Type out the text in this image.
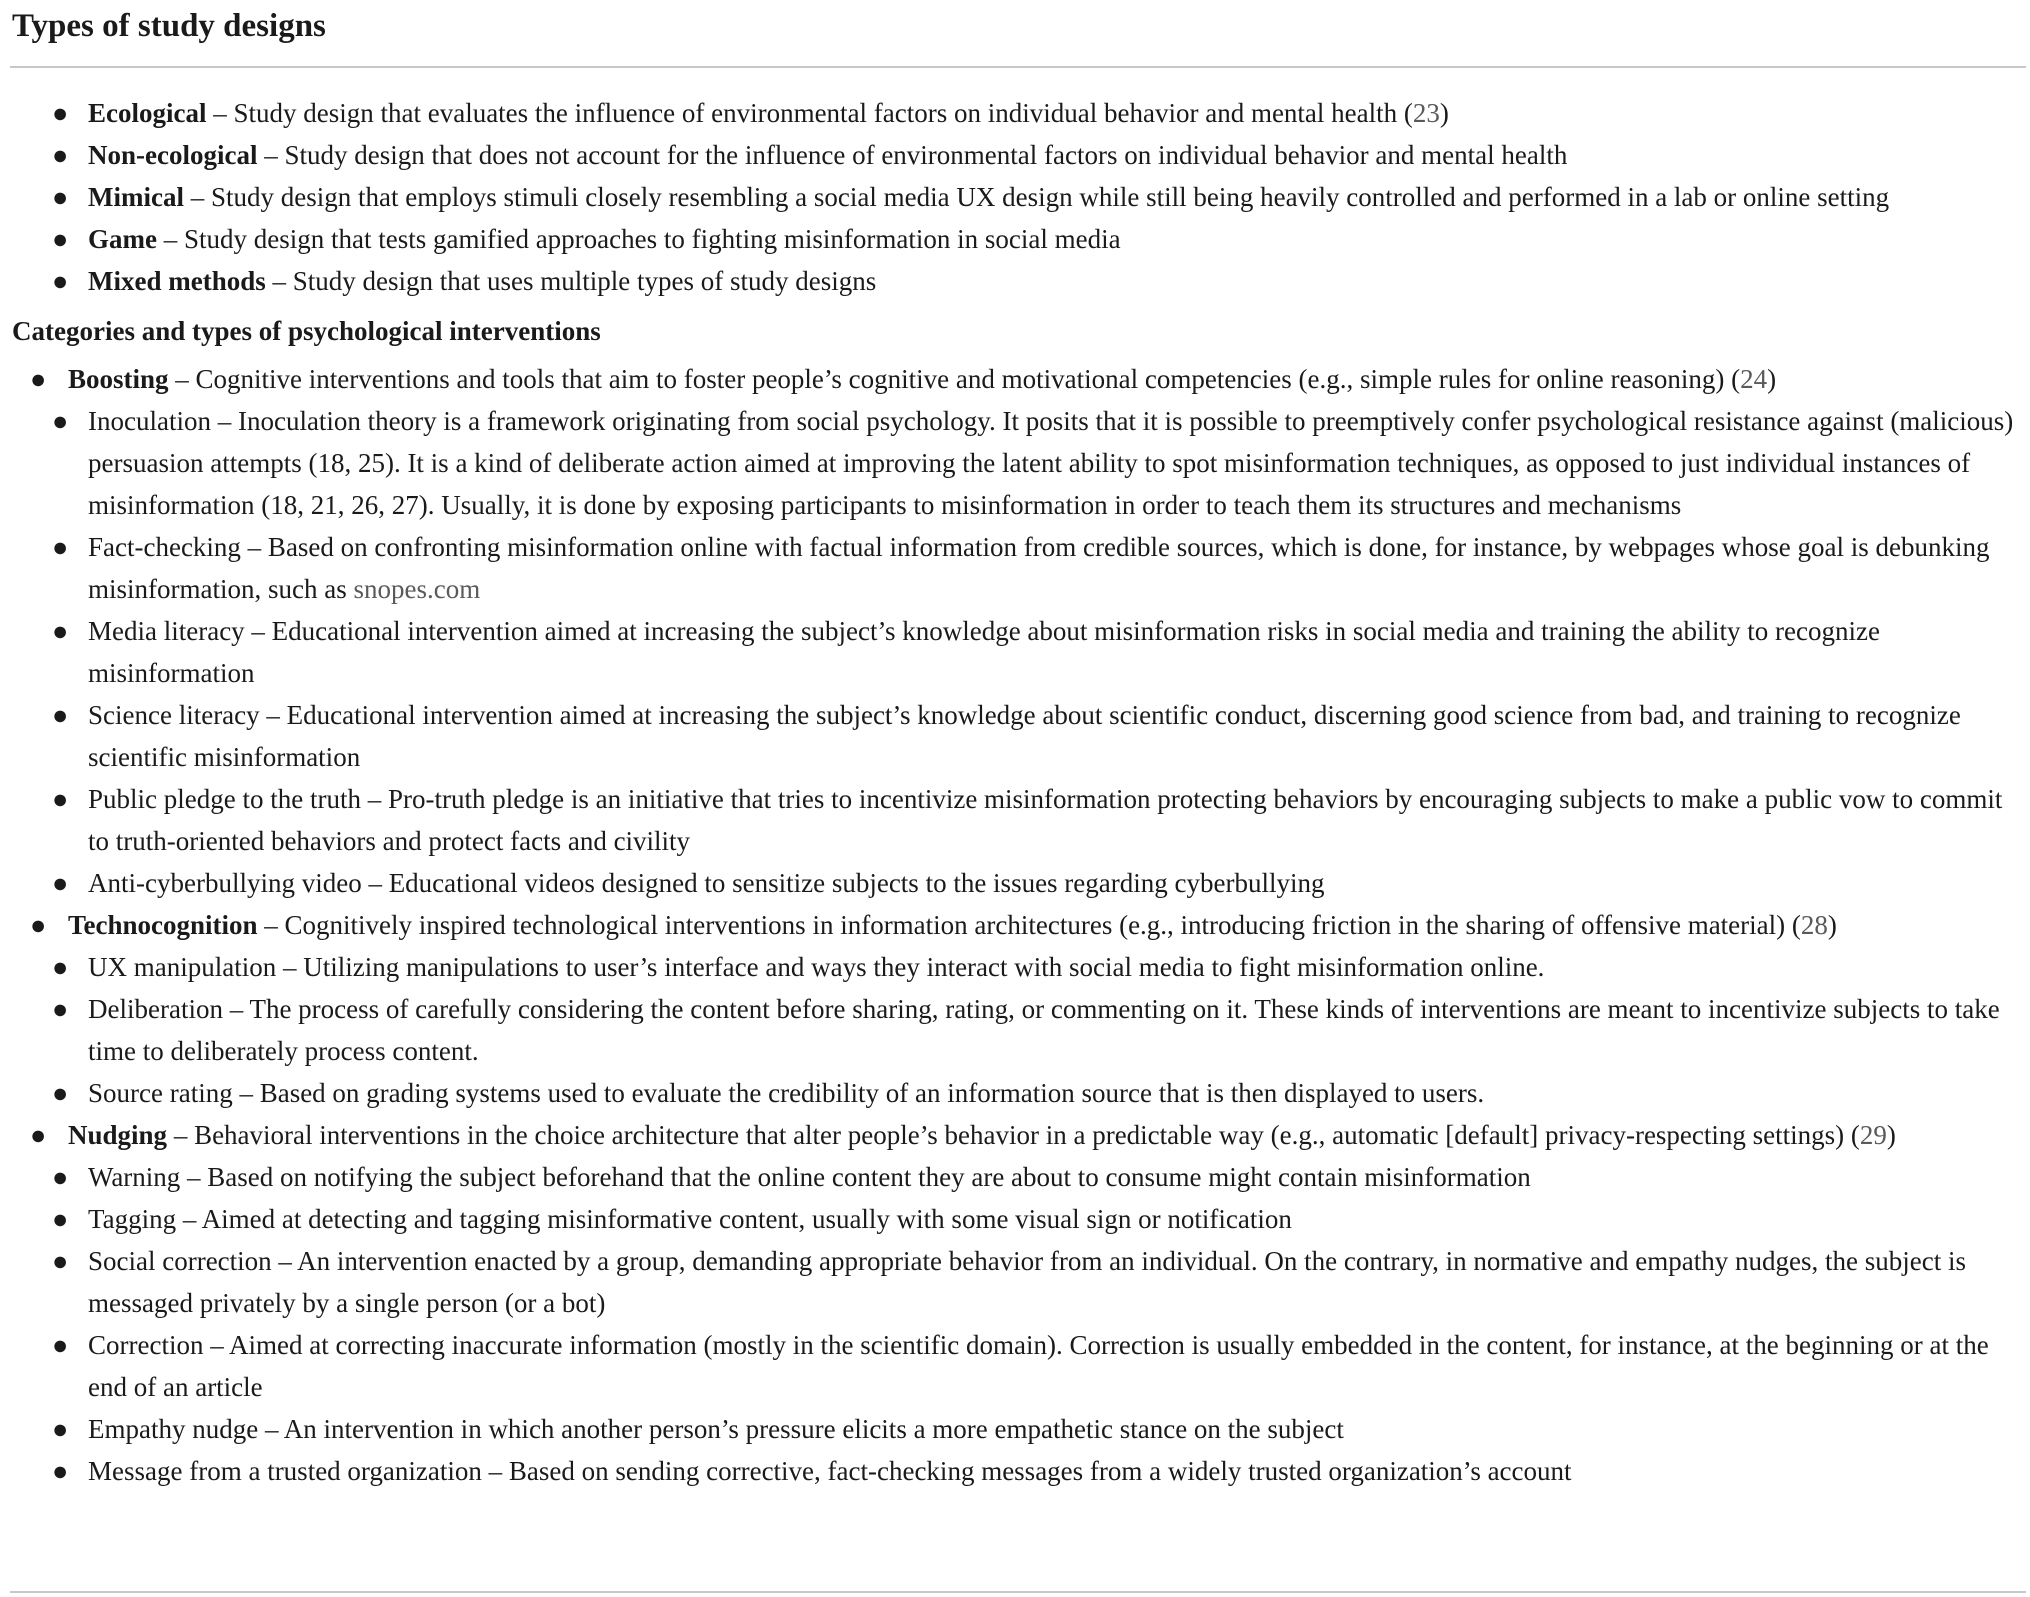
Types of study designs
● Ecological – Study design that evaluates the influence of environmental factors on individual behavior and mental health (23)
● Non-ecological – Study design that does not account for the influence of environmental factors on individual behavior and mental health
● Mimical – Study design that employs stimuli closely resembling a social media UX design while still being heavily controlled and performed in a lab or online setting
● Game – Study design that tests gamified approaches to fighting misinformation in social media
● Mixed methods – Study design that uses multiple types of study designs
Categories and types of psychological interventions
● Boosting – Cognitive interventions and tools that aim to foster people’s cognitive and motivational competencies (e.g., simple rules for online reasoning) (24)
● Inoculation – Inoculation theory is a framework originating from social psychology. It posits that it is possible to preemptively confer psychological resistance against (malicious) persuasion attempts (18, 25). It is a kind of deliberate action aimed at improving the latent ability to spot misinformation techniques, as opposed to just individual instances of misinformation (18, 21, 26, 27). Usually, it is done by exposing participants to misinformation in order to teach them its structures and mechanisms
● Fact-checking – Based on confronting misinformation online with factual information from credible sources, which is done, for instance, by webpages whose goal is debunking misinformation, such as snopes.com
● Media literacy – Educational intervention aimed at increasing the subject’s knowledge about misinformation risks in social media and training the ability to recognize misinformation
● Science literacy – Educational intervention aimed at increasing the subject’s knowledge about scientific conduct, discerning good science from bad, and training to recognize scientific misinformation
● Public pledge to the truth – Pro-truth pledge is an initiative that tries to incentivize misinformation protecting behaviors by encouraging subjects to make a public vow to commit to truth-oriented behaviors and protect facts and civility
● Anti-cyberbullying video – Educational videos designed to sensitize subjects to the issues regarding cyberbullying
● Technocognition – Cognitively inspired technological interventions in information architectures (e.g., introducing friction in the sharing of offensive material) (28)
● UX manipulation – Utilizing manipulations to user’s interface and ways they interact with social media to fight misinformation online.
● Deliberation – The process of carefully considering the content before sharing, rating, or commenting on it. These kinds of interventions are meant to incentivize subjects to take time to deliberately process content.
● Source rating – Based on grading systems used to evaluate the credibility of an information source that is then displayed to users.
● Nudging – Behavioral interventions in the choice architecture that alter people’s behavior in a predictable way (e.g., automatic [default] privacy-respecting settings) (29)
● Warning – Based on notifying the subject beforehand that the online content they are about to consume might contain misinformation
● Tagging – Aimed at detecting and tagging misinformative content, usually with some visual sign or notification
● Social correction – An intervention enacted by a group, demanding appropriate behavior from an individual. On the contrary, in normative and empathy nudges, the subject is messaged privately by a single person (or a bot)
● Correction – Aimed at correcting inaccurate information (mostly in the scientific domain). Correction is usually embedded in the content, for instance, at the beginning or at the end of an article
● Empathy nudge – An intervention in which another person’s pressure elicits a more empathetic stance on the subject
● Message from a trusted organization – Based on sending corrective, fact-checking messages from a widely trusted organization’s account
